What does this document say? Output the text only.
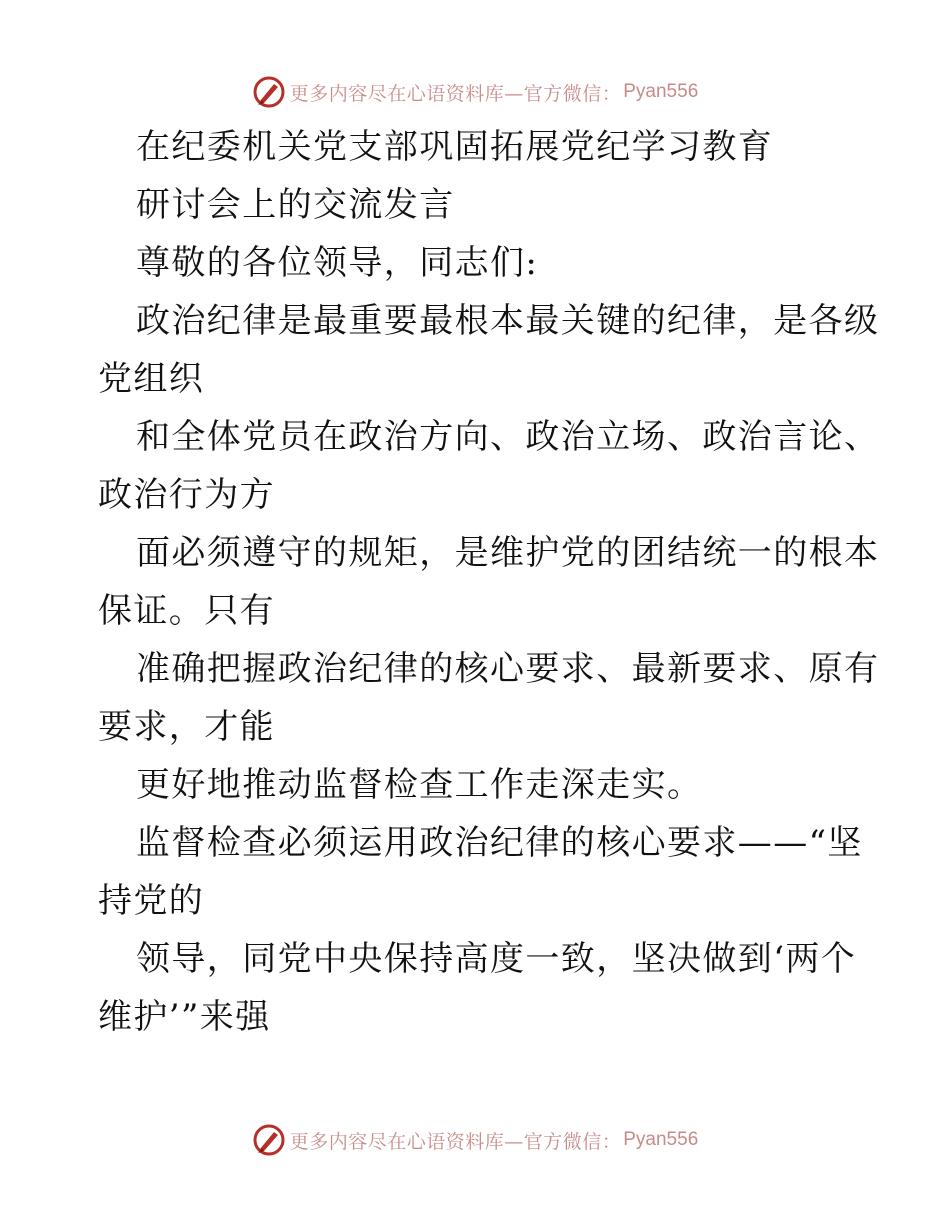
更多内容尽在心语资料库—官方微信： Pyan556
在纪委机关党支部巩固拓展党纪学习教育
研讨会上的交流发言
尊敬的各位领导，同志们:
政治纪律是最重要最根本最关键的纪律，是各级
党组织
和全体党员在政治方向、政治立场、政治言论、
政治行为方
面必须遵守的规矩，是维护党的团结统一的根本
保证。只有
准确把握政治纪律的核心要求、最新要求、原有
要求，才能
更好地推动监督检查工作走深走实。
监督检查必须运用政治纪律的核心要求——“坚
持党的
领导，同党中央保持高度一致，坚决做到‘两个
维护’”来强
更多内容尽在心语资料库—官方微信： Pyan556
